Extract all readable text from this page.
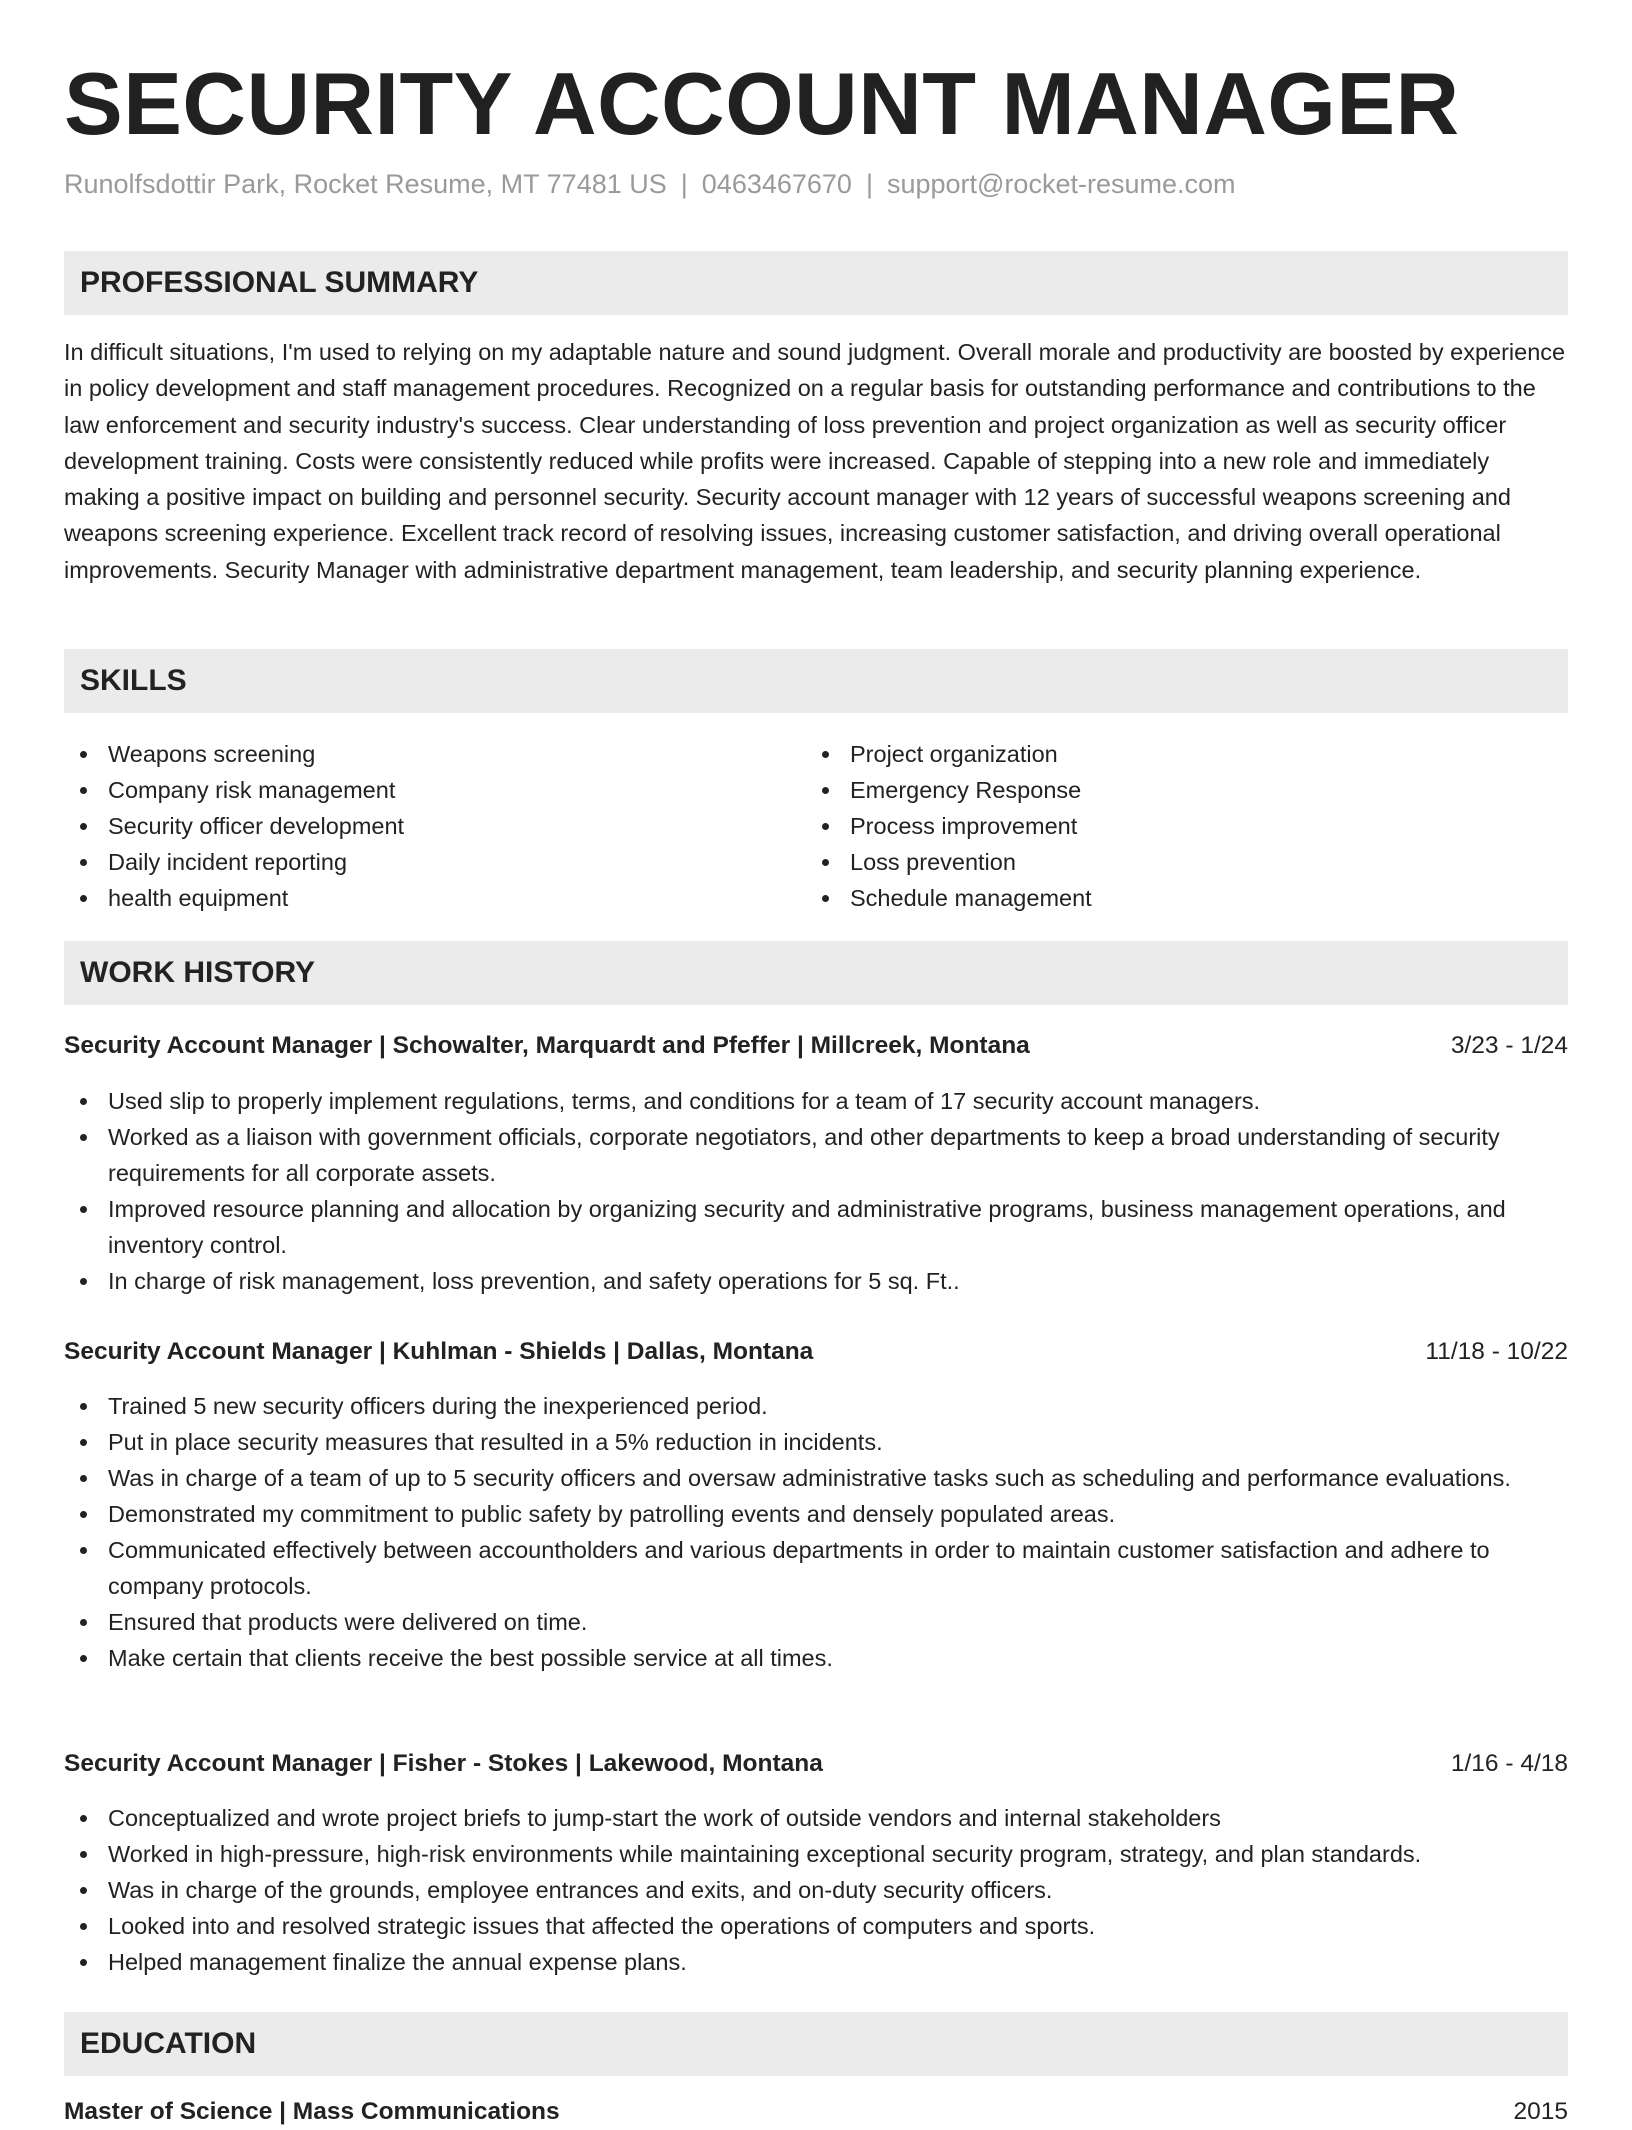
SECURITY ACCOUNT MANAGER
Runolfsdottir Park, Rocket Resume, MT 77481 US | 0463467670 | support@rocket-resume.com
PROFESSIONAL SUMMARY

In difficult situations, I'm used to relying on my adaptable nature and sound judgment. Overall morale and productivity are boosted by experience in policy development and staff management procedures. Recognized on a regular basis for outstanding performance and contributions to the law enforcement and security industry's success. Clear understanding of loss prevention and project organization as well as security officer development training. Costs were consistently reduced while profits were increased. Capable of stepping into a new role and immediately making a positive impact on building and personnel security. Security account manager with 12 years of successful weapons screening and weapons screening experience. Excellent track record of resolving issues, increasing customer satisfaction, and driving overall operational improvements. Security Manager with administrative department management, team leadership, and security planning experience.

SKILLS
Weapons screening
Company risk management
Security officer development
Daily incident reporting
health equipment
Project organization
Emergency Response
Process improvement
Loss prevention
Schedule management
WORK HISTORY
Security Account Manager | Schowalter, Marquardt and Pfeffer | Millcreek, Montana	3/23 - 1/24
Used slip to properly implement regulations, terms, and conditions for a team of 17 security account managers.
Worked as a liaison with government officials, corporate negotiators, and other departments to keep a broad understanding of security requirements for all corporate assets.
Improved resource planning and allocation by organizing security and administrative programs, business management operations, and inventory control.
In charge of risk management, loss prevention, and safety operations for 5 sq. Ft..
Security Account Manager | Kuhlman - Shields | Dallas, Montana	11/18 - 10/22
Trained 5 new security officers during the inexperienced period.
Put in place security measures that resulted in a 5% reduction in incidents.
Was in charge of a team of up to 5 security officers and oversaw administrative tasks such as scheduling and performance evaluations.
Demonstrated my commitment to public safety by patrolling events and densely populated areas.
Communicated effectively between accountholders and various departments in order to maintain customer satisfaction and adhere to company protocols.
Ensured that products were delivered on time.
Make certain that clients receive the best possible service at all times.
Security Account Manager | Fisher - Stokes | Lakewood, Montana	1/16 - 4/18
Conceptualized and wrote project briefs to jump-start the work of outside vendors and internal stakeholders
Worked in high-pressure, high-risk environments while maintaining exceptional security program, strategy, and plan standards.
Was in charge of the grounds, employee entrances and exits, and on-duty security officers.
Looked into and resolved strategic issues that affected the operations of computers and sports.
Helped management finalize the annual expense plans.
EDUCATION
Master of Science | Mass Communications	2015
